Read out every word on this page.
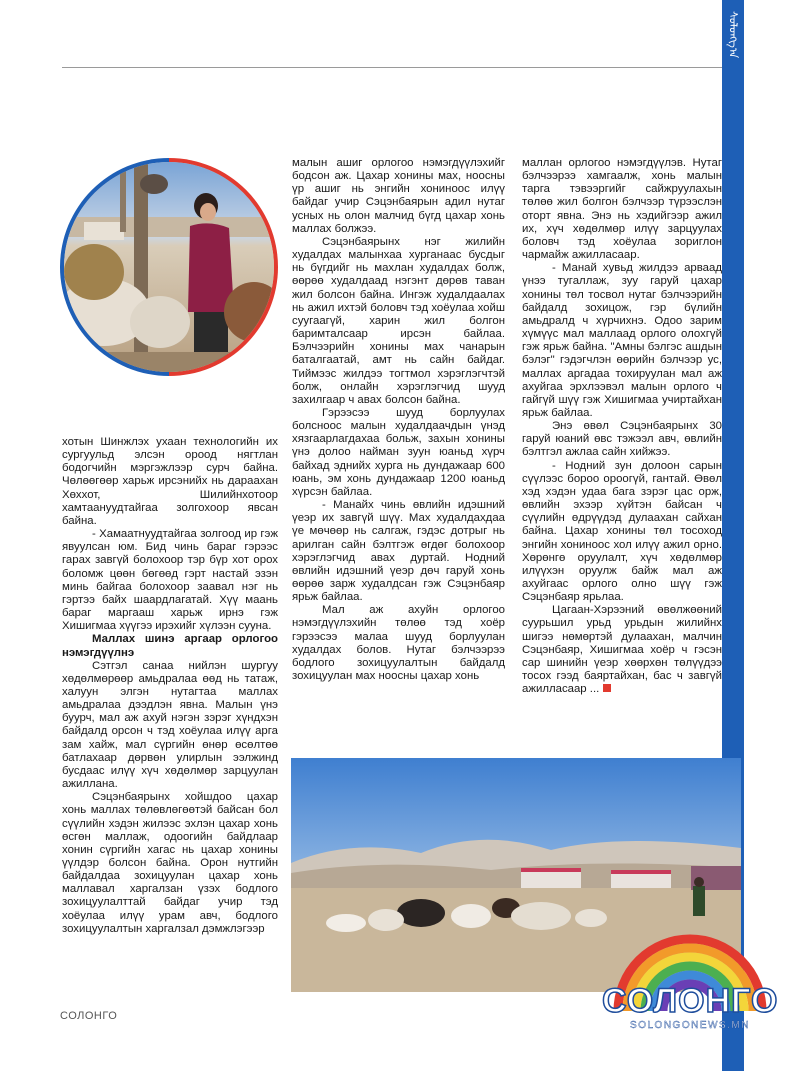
ᠰᠣᠯᠣᠩᠭ᠎ᠠ

хотын Шинжлэх ухаан технологийн их сургуульд элсэн ороод нягтлан бодогчийн мэргэжлээр сурч байна. Чөлөөгөөр харьж ирсэнийх нь дараахан Хөххот, Шилийнхотоор хамтаануудтайгаа золгохоор явсан байна.

- Хамаатнуудтайгаа золгоод ир гэж явуулсан юм. Бид чинь бараг гэрээс гарах завгүй болохоор тэр бүр хот орох боломж цөөн бөгөөд гэрт настай эзэн минь байгаа болохоор заавал нэг нь гэртээ байх шаардлагатай. Хүү маань бараг маргааш харьж ирнэ гэж Хишигмаа хүүгээ ирэхийг хүлээн сууна.

Маллах шинэ аргаар орлогоо нэмэгдүүлнэ

Сэтгэл санаа нийлэн шургуу хөдөлмөрөөр амьдралаа өөд нь татаж, халуун элгэн нутагтаа маллах амьдралаа дээдлэн явна. Малын үнэ буурч, мал аж ахуй нэгэн зэрэг хүндхэн байдалд орсон ч тэд хоёулаа илүү арга зам хайж, мал сүргийн өнөр өсөлтөө батлахаар дөрвөн улирлын ээлжинд бусдаас илүү хүч хөдөлмөр зарцуулан ажиллана.

Сэцэнбаярынх хойшдоо цахар хонь маллах төлөвлөгөөтэй байсан бол сүүлийн хэдэн жилээс эхлэн цахар хонь өсгөн маллаж, одоогийн байдлаар хонин сүргийн хагас нь цахар хонины үүлдэр болсон байна. Орон нутгийн байдалдаа зохицуулан цахар хонь маллавал харгалзан үзэх бодлого зохицуулалттай байдаг учир тэд хоёулаа илүү урам авч, бодлого зохицуулалтын харгалзал дэмжлэгээр

малын ашиг орлогоо нэмэгдүүлэхийг бодсон аж. Цахар хонины мах, ноосны үр ашиг нь энгийн хониноос илүү байдаг учир Сэцэнбаярын адил нутаг усных нь олон малчид бүгд цахар хонь маллах болжээ.

Сэцэнбаярынх нэг жилийн худалдах малынхаа хурганаас бусдыг нь бүгдийг нь махлан худалдах болж, өөрөө худалдаад нэгэнт дөрөв таван жил болсон байна. Ингэж худалдаалах нь ажил ихтэй боловч тэд хоёулаа хойш суугаагүй, харин жил болгон баримталсаар ирсэн байлаа. Бэлчээрийн хонины мах чанарын баталгаатай, амт нь сайн байдаг. Тиймээс жилдээ тогтмол хэрэглэгчтэй болж, онлайн хэрэглэгчид шууд захилгаар ч авах болсон байна.

Гэрээсээ шууд борлуулах болсноос малын худалдаачдын үнэд хязгаарлагдахаа больж, захын хонины үнэ долоо найман зуун юаньд хүрч байхад эднийх хурга нь дундажаар 600 юань, эм хонь дундажаар 1200 юаньд хүрсэн байлаа.

- Манайх чинь өвлийн идэшний үеэр их завгүй шүү. Мах худалдахдаа үе мөчөөр нь салгаж, гэдэс дотрыг нь арилган сайн бэлтгэж өгдөг болохоор хэрэглэгчид авах дуртай. Нодний өвлийн идэшний үеэр дөч гаруй хонь өөрөө зарж худалдсан гэж Сэцэнбаяр ярьж байлаа.

Мал аж ахуйн орлогоо нэмэгдүүлэхийн төлөө тэд хоёр гэрээсээ малаа шууд борлуулан худалдах болов. Нутаг бэлчээрээ бодлого зохицуулалтын байдалд зохицуулан мах ноосны цахар хонь

маллан орлогоо нэмэгдүүлэв. Нутаг бэлчээрээ хамгаалж, хонь малын тарга тэвээргийг сайжруулахын төлөө жил болгон бэлчээр түрээслэн оторт явна. Энэ нь хэдийгээр ажил их, хүч хөдөлмөр илүү зарцуулах боловч тэд хоёулаа зориглон чармайж ажилласаар.

- Манай хувьд жилдээ арваад үнээ тугаллаж, зуу гаруй цахар хонины төл тосвол нутаг бэлчээрийн байдалд зохицож, гэр бүлийн амьдралд ч хүрчихнэ. Одоо зарим хүмүүс мал маллаад орлого олохгүй гэж ярьж байна. "Амны бэлгэс ашдын бэлэг" гэдэгчлэн өөрийн бэлчээр ус, маллах аргадаа тохируулан мал аж ахуйгаа эрхлээвэл малын орлого ч гайгүй шүү гэж Хишигмаа учиртайхан ярьж байлаа.

Энэ өвөл Сэцэнбаярынх 30 гаруй юаний өвс тэжээл авч, өвлийн бэлтгэл ажлаа сайн хийжээ.

- Нодний зун долоон сарын сүүлээс бороо ороогүй, гантай. Өвөл хэд хэдэн удаа бага зэрэг цас орж, өвлийн эхээр хүйтэн байсан ч сүүлийн өдрүүдэд дулаахан сайхан байна. Цахар хонины төл тосоход энгийн хониноос хол илүү ажил орно. Хөрөнгө оруулалт, хүч хөдөлмөр илүүхэн оруулж байж мал аж ахуйгаас орлого олно шүү гэж Сэцэнбаяр ярьлаа.

Цагаан-Хэрээний өвөлжөөний суурьшил урьд урьдын жилийнх шигээ нөмөртэй дулаахан, малчин Сэцэнбаяр, Хишигмаа хоёр ч гэсэн сар шинийн үеэр хөөрхөн төлүүдээ тосох гээд баяртайхан, бас ч завгүй ажилласаар ...

СОЛОНГО	СОЛОНГО
SOLONGONEWS.MN
